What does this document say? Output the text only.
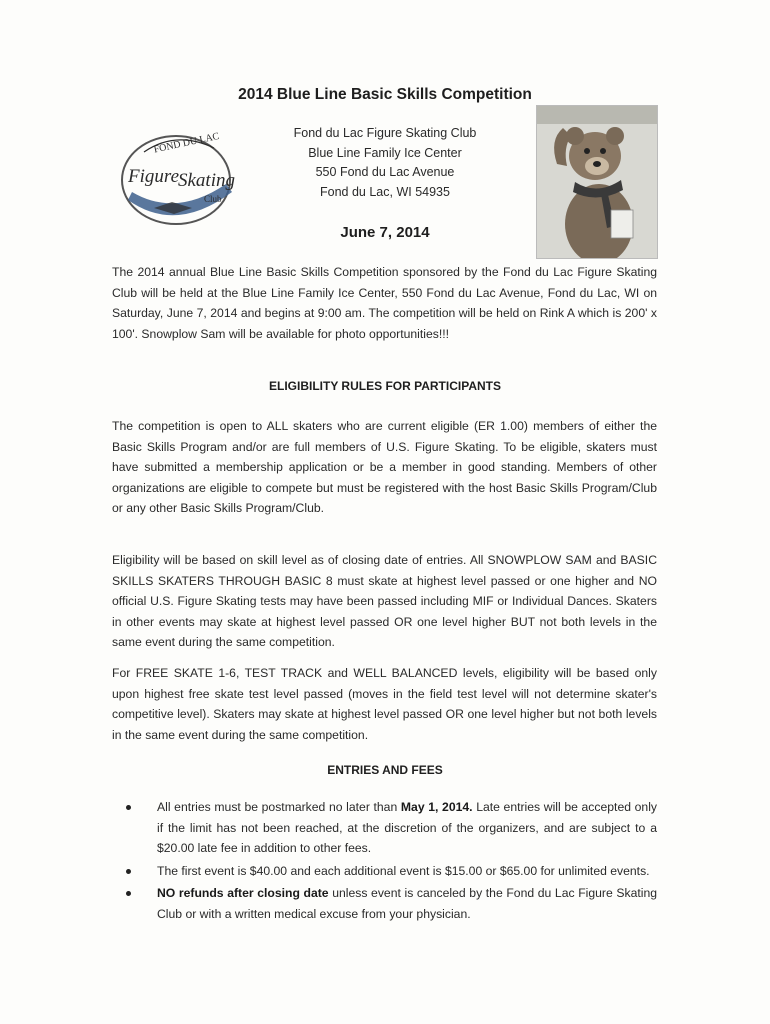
2014 Blue Line Basic Skills Competition
FOND DU LAC
Figure
Skating
Club
Fond du Lac Figure Skating Club
Blue Line Family Ice Center
550 Fond du Lac Avenue
Fond du Lac, WI 54935
June 7, 2014

The 2014 annual Blue Line Basic Skills Competition sponsored by the Fond du Lac Figure Skating Club will be held at the Blue Line Family Ice Center, 550 Fond du Lac Avenue, Fond du Lac, WI on Saturday, June 7, 2014 and begins at 9:00 am. The competition will be held on Rink A which is 200' x 100'. Snowplow Sam will be available for photo opportunities!!!

ELIGIBILITY RULES FOR PARTICIPANTS

The competition is open to ALL skaters who are current eligible (ER 1.00) members of either the Basic Skills Program and/or are full members of U.S. Figure Skating. To be eligible, skaters must have submitted a membership application or be a member in good standing. Members of other organizations are eligible to compete but must be registered with the host Basic Skills Program/Club or any other Basic Skills Program/Club.

Eligibility will be based on skill level as of closing date of entries. All SNOWPLOW SAM and BASIC SKILLS SKATERS THROUGH BASIC 8 must skate at highest level passed or one higher and NO official U.S. Figure Skating tests may have been passed including MIF or Individual Dances. Skaters in other events may skate at highest level passed OR one level higher BUT not both levels in the same event during the same competition.

For FREE SKATE 1-6, TEST TRACK and WELL BALANCED levels, eligibility will be based only upon highest free skate test level passed (moves in the field test level will not determine skater's competitive level). Skaters may skate at highest level passed OR one level higher but not both levels in the same event during the same competition.

ENTRIES AND FEES
All entries must be postmarked no later than May 1, 2014. Late entries will be accepted only if the limit has not been reached, at the discretion of the organizers, and are subject to a $20.00 late fee in addition to other fees.
The first event is $40.00 and each additional event is $15.00 or $65.00 for unlimited events.
NO refunds after closing date unless event is canceled by the Fond du Lac Figure Skating Club or with a written medical excuse from your physician.
